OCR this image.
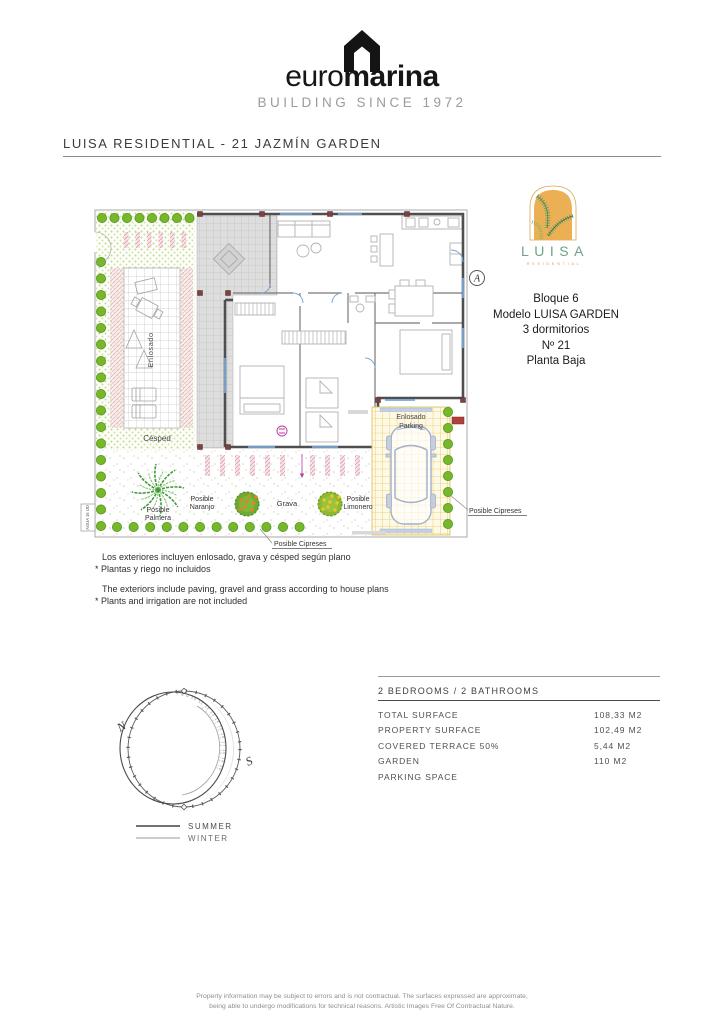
euromarina
BUILDING SINCE 1972
LUISA RESIDENTIAL - 21 JAZMÍN GARDEN
Enlosado
Césped
Enlosado
Parking
AGUA 16 UD
A
Posible
Palmera
Posible
Naranjo	Grava	Posible
Limonero
Posible Cipreses
Posible Cipreses
LUISA
RESIDENTIAL
Bloque 6
Modelo LUISA GARDEN
3 dormitorios
Nº 21
Planta Baja
Los exteriores incluyen enlosado, grava y césped según plano
* Plantas y riego no incluidos
The exteriors include paving, gravel and grass according to house plans
* Plants and irrigation are not included
7 8 9 10 11 12 13 14 15 16 17 18 19 20
8 9 10 11 12 13 14 15 16 17
N
S
SUMMER
WINTER
2 BEDROOMS / 2 BATHROOMS
TOTAL SURFACE	108,33 M2
PROPERTY SURFACE	102,49 M2
COVERED TERRACE 50%	5,44 M2
GARDEN	110 M2
PARKING SPACE
Property information may be subject to errors and is not contractual. The surfaces expressed are approximate,
being able to undergo modifications for technical reasons. Artistic Images Free Of Contractual Nature.
